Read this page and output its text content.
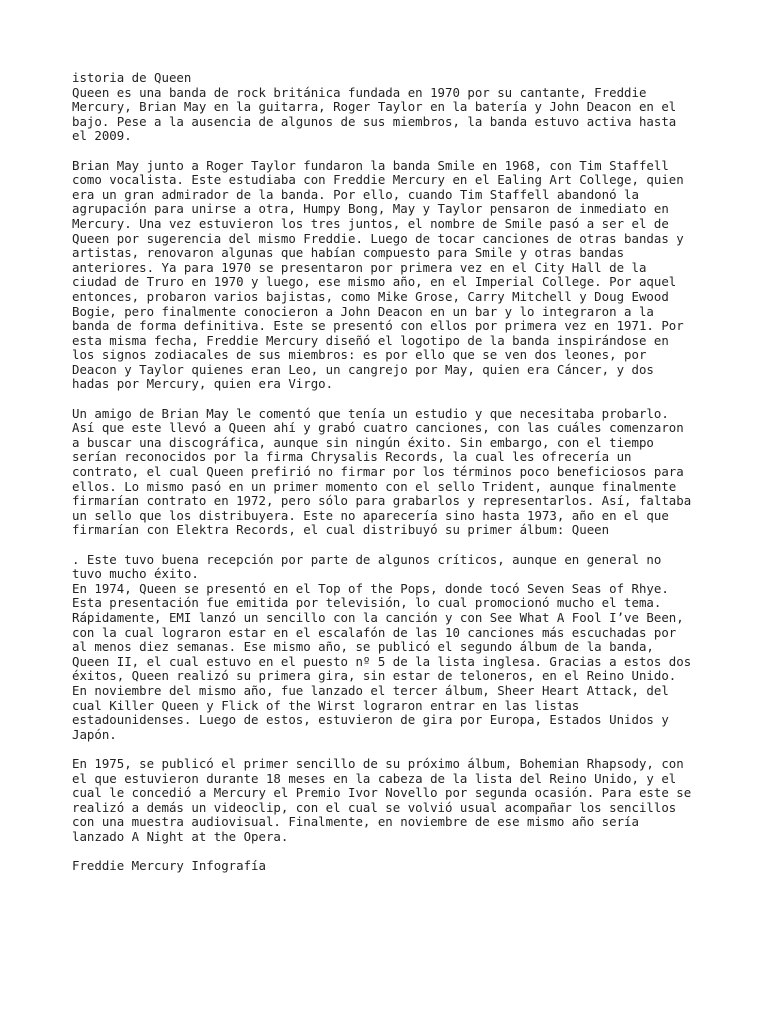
istoria de Queen
Queen es una banda de rock británica fundada en 1970 por su cantante, Freddie
Mercury, Brian May en la guitarra, Roger Taylor en la batería y John Deacon en el
bajo. Pese a la ausencia de algunos de sus miembros, la banda estuvo activa hasta
el 2009.
Brian May junto a Roger Taylor fundaron la banda Smile en 1968, con Tim Staffell
como vocalista. Este estudiaba con Freddie Mercury en el Ealing Art College, quien
era un gran admirador de la banda. Por ello, cuando Tim Staffell abandonó la
agrupación para unirse a otra, Humpy Bong, May y Taylor pensaron de inmediato en
Mercury. Una vez estuvieron los tres juntos, el nombre de Smile pasó a ser el de
Queen por sugerencia del mismo Freddie. Luego de tocar canciones de otras bandas y
artistas, renovaron algunas que habían compuesto para Smile y otras bandas
anteriores. Ya para 1970 se presentaron por primera vez en el City Hall de la
ciudad de Truro en 1970 y luego, ese mismo año, en el Imperial College. Por aquel
entonces, probaron varios bajistas, como Mike Grose, Carry Mitchell y Doug Ewood
Bogie, pero finalmente conocieron a John Deacon en un bar y lo integraron a la
banda de forma definitiva. Este se presentó con ellos por primera vez en 1971. Por
esta misma fecha, Freddie Mercury diseñó el logotipo de la banda inspirándose en
los signos zodiacales de sus miembros: es por ello que se ven dos leones, por
Deacon y Taylor quienes eran Leo, un cangrejo por May, quien era Cáncer, y dos
hadas por Mercury, quien era Virgo.
Un amigo de Brian May le comentó que tenía un estudio y que necesitaba probarlo.
Así que este llevó a Queen ahí y grabó cuatro canciones, con las cuáles comenzaron
a buscar una discográfica, aunque sin ningún éxito. Sin embargo, con el tiempo
serían reconocidos por la firma Chrysalis Records, la cual les ofrecería un
contrato, el cual Queen prefirió no firmar por los términos poco beneficiosos para
ellos. Lo mismo pasó en un primer momento con el sello Trident, aunque finalmente
firmarían contrato en 1972, pero sólo para grabarlos y representarlos. Así, faltaba
un sello que los distribuyera. Este no aparecería sino hasta 1973, año en el que
firmarían con Elektra Records, el cual distribuyó su primer álbum: Queen
. Este tuvo buena recepción por parte de algunos críticos, aunque en general no
tuvo mucho éxito.
En 1974, Queen se presentó en el Top of the Pops, donde tocó Seven Seas of Rhye.
Esta presentación fue emitida por televisión, lo cual promocionó mucho el tema.
Rápidamente, EMI lanzó un sencillo con la canción y con See What A Fool I’ve Been,
con la cual lograron estar en el escalafón de las 10 canciones más escuchadas por
al menos diez semanas. Ese mismo año, se publicó el segundo álbum de la banda,
Queen II, el cual estuvo en el puesto nº 5 de la lista inglesa. Gracias a estos dos
éxitos, Queen realizó su primera gira, sin estar de teloneros, en el Reino Unido.
En noviembre del mismo año, fue lanzado el tercer álbum, Sheer Heart Attack, del
cual Killer Queen y Flick of the Wirst lograron entrar en las listas
estadounidenses. Luego de estos, estuvieron de gira por Europa, Estados Unidos y
Japón.
En 1975, se publicó el primer sencillo de su próximo álbum, Bohemian Rhapsody, con
el que estuvieron durante 18 meses en la cabeza de la lista del Reino Unido, y el
cual le concedió a Mercury el Premio Ivor Novello por segunda ocasión. Para este se
realizó a demás un videoclip, con el cual se volvió usual acompañar los sencillos
con una muestra audiovisual. Finalmente, en noviembre de ese mismo año sería
lanzado A Night at the Opera.
Freddie Mercury Infografía
